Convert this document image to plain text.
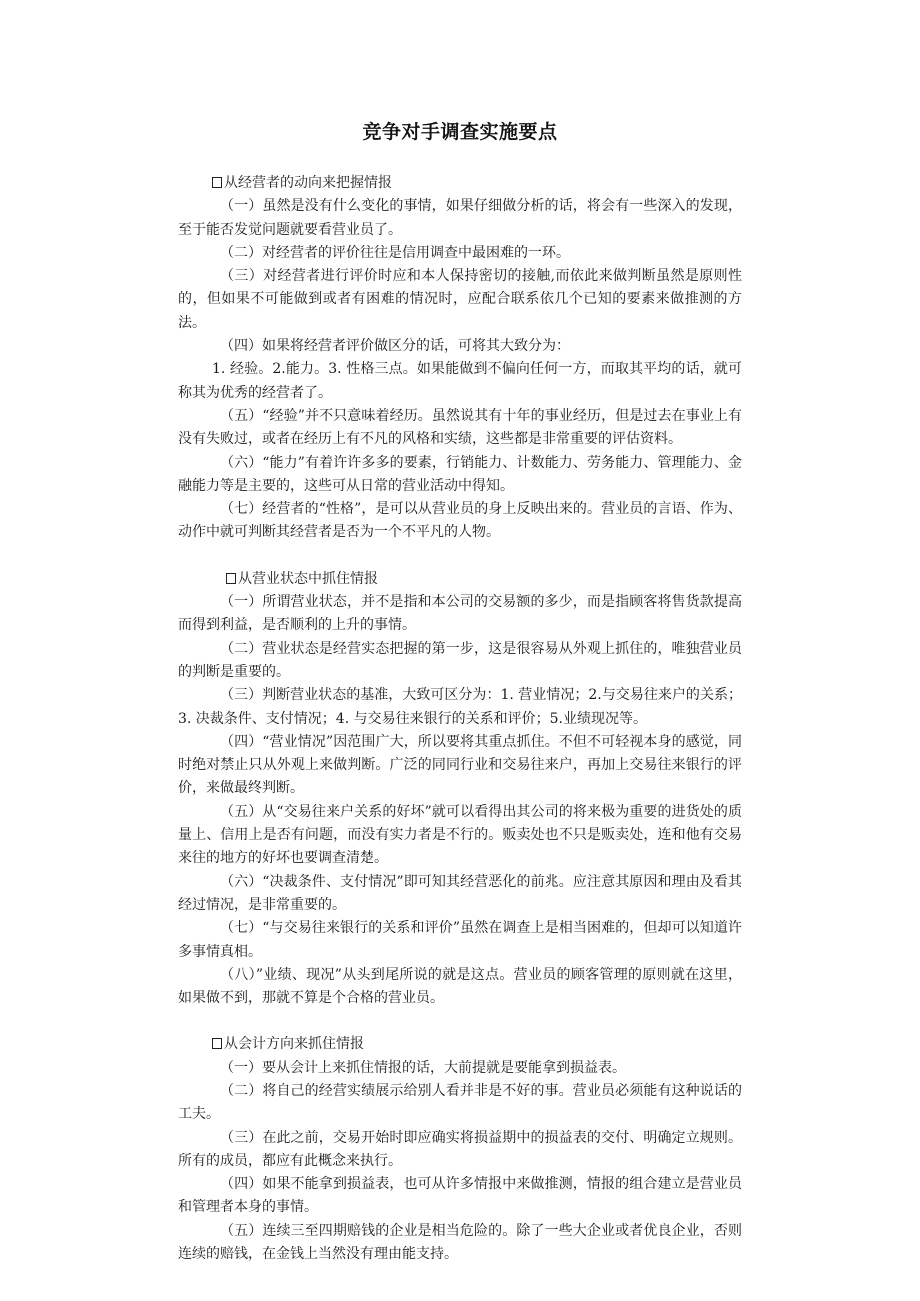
竞争对手调查实施要点

从经营者的动向来把握情报

（一）虽然是没有什么变化的事情，如果仔细做分析的话，将会有一些深入的发现，至于能否发觉问题就要看营业员了。

（二）对经营者的评价往往是信用调查中最困难的一环。

（三）对经营者进行评价时应和本人保持密切的接触,而依此来做判断虽然是原则性的，但如果不可能做到或者有困难的情况时，应配合联系依几个已知的要素来做推测的方法。

（四）如果将经营者评价做区分的话，可将其大致分为：

1. 经验。2.能力。3. 性格三点。如果能做到不偏向任何一方，而取其平均的话，就可称其为优秀的经营者了。

（五）“经验”并不只意味着经历。虽然说其有十年的事业经历，但是过去在事业上有没有失败过，或者在经历上有不凡的风格和实绩，这些都是非常重要的评估资料。

（六）“能力”有着许许多多的要素，行销能力、计数能力、劳务能力、管理能力、金融能力等是主要的，这些可从日常的营业活动中得知。

（七）经营者的“性格”，是可以从营业员的身上反映出来的。营业员的言语、作为、动作中就可判断其经营者是否为一个不平凡的人物。

从营业状态中抓住情报

（一）所谓营业状态，并不是指和本公司的交易额的多少，而是指顾客将售货款提高而得到利益，是否顺利的上升的事情。

（二）营业状态是经营实态把握的第一步，这是很容易从外观上抓住的，唯独营业员的判断是重要的。

（三）判断营业状态的基准，大致可区分为：1. 营业情况；2.与交易往来户的关系；3. 决裁条件、支付情况；4. 与交易往来银行的关系和评价；5.业绩现况等。

（四）“营业情况”因范围广大，所以要将其重点抓住。不但不可轻视本身的感觉，同时绝对禁止只从外观上来做判断。广泛的同同行业和交易往来户，再加上交易往来银行的评价，来做最终判断。

（五）从“交易往来户关系的好坏”就可以看得出其公司的将来极为重要的进货处的质量上、信用上是否有问题，而没有实力者是不行的。贩卖处也不只是贩卖处，连和他有交易来往的地方的好坏也要调查清楚。

（六）“决裁条件、支付情况”即可知其经营恶化的前兆。应注意其原因和理由及看其经过情况，是非常重要的。

（七）“与交易往来银行的关系和评价”虽然在调查上是相当困难的，但却可以知道许多事情真相。

（八）”业绩、现况”从头到尾所说的就是这点。营业员的顾客管理的原则就在这里，如果做不到，那就不算是个合格的营业员。

从会计方向来抓住情报

（一）要从会计上来抓住情报的话，大前提就是要能拿到损益表。

（二）将自己的经营实绩展示给别人看并非是不好的事。营业员必须能有这种说话的工夫。

（三）在此之前，交易开始时即应确实将损益期中的损益表的交付、明确定立规则。所有的成员，都应有此概念来执行。

（四）如果不能拿到损益表，也可从许多情报中来做推测，情报的组合建立是营业员和管理者本身的事情。

（五）连续三至四期赔钱的企业是相当危险的。除了一些大企业或者优良企业，否则连续的赔钱，在金钱上当然没有理由能支持。
